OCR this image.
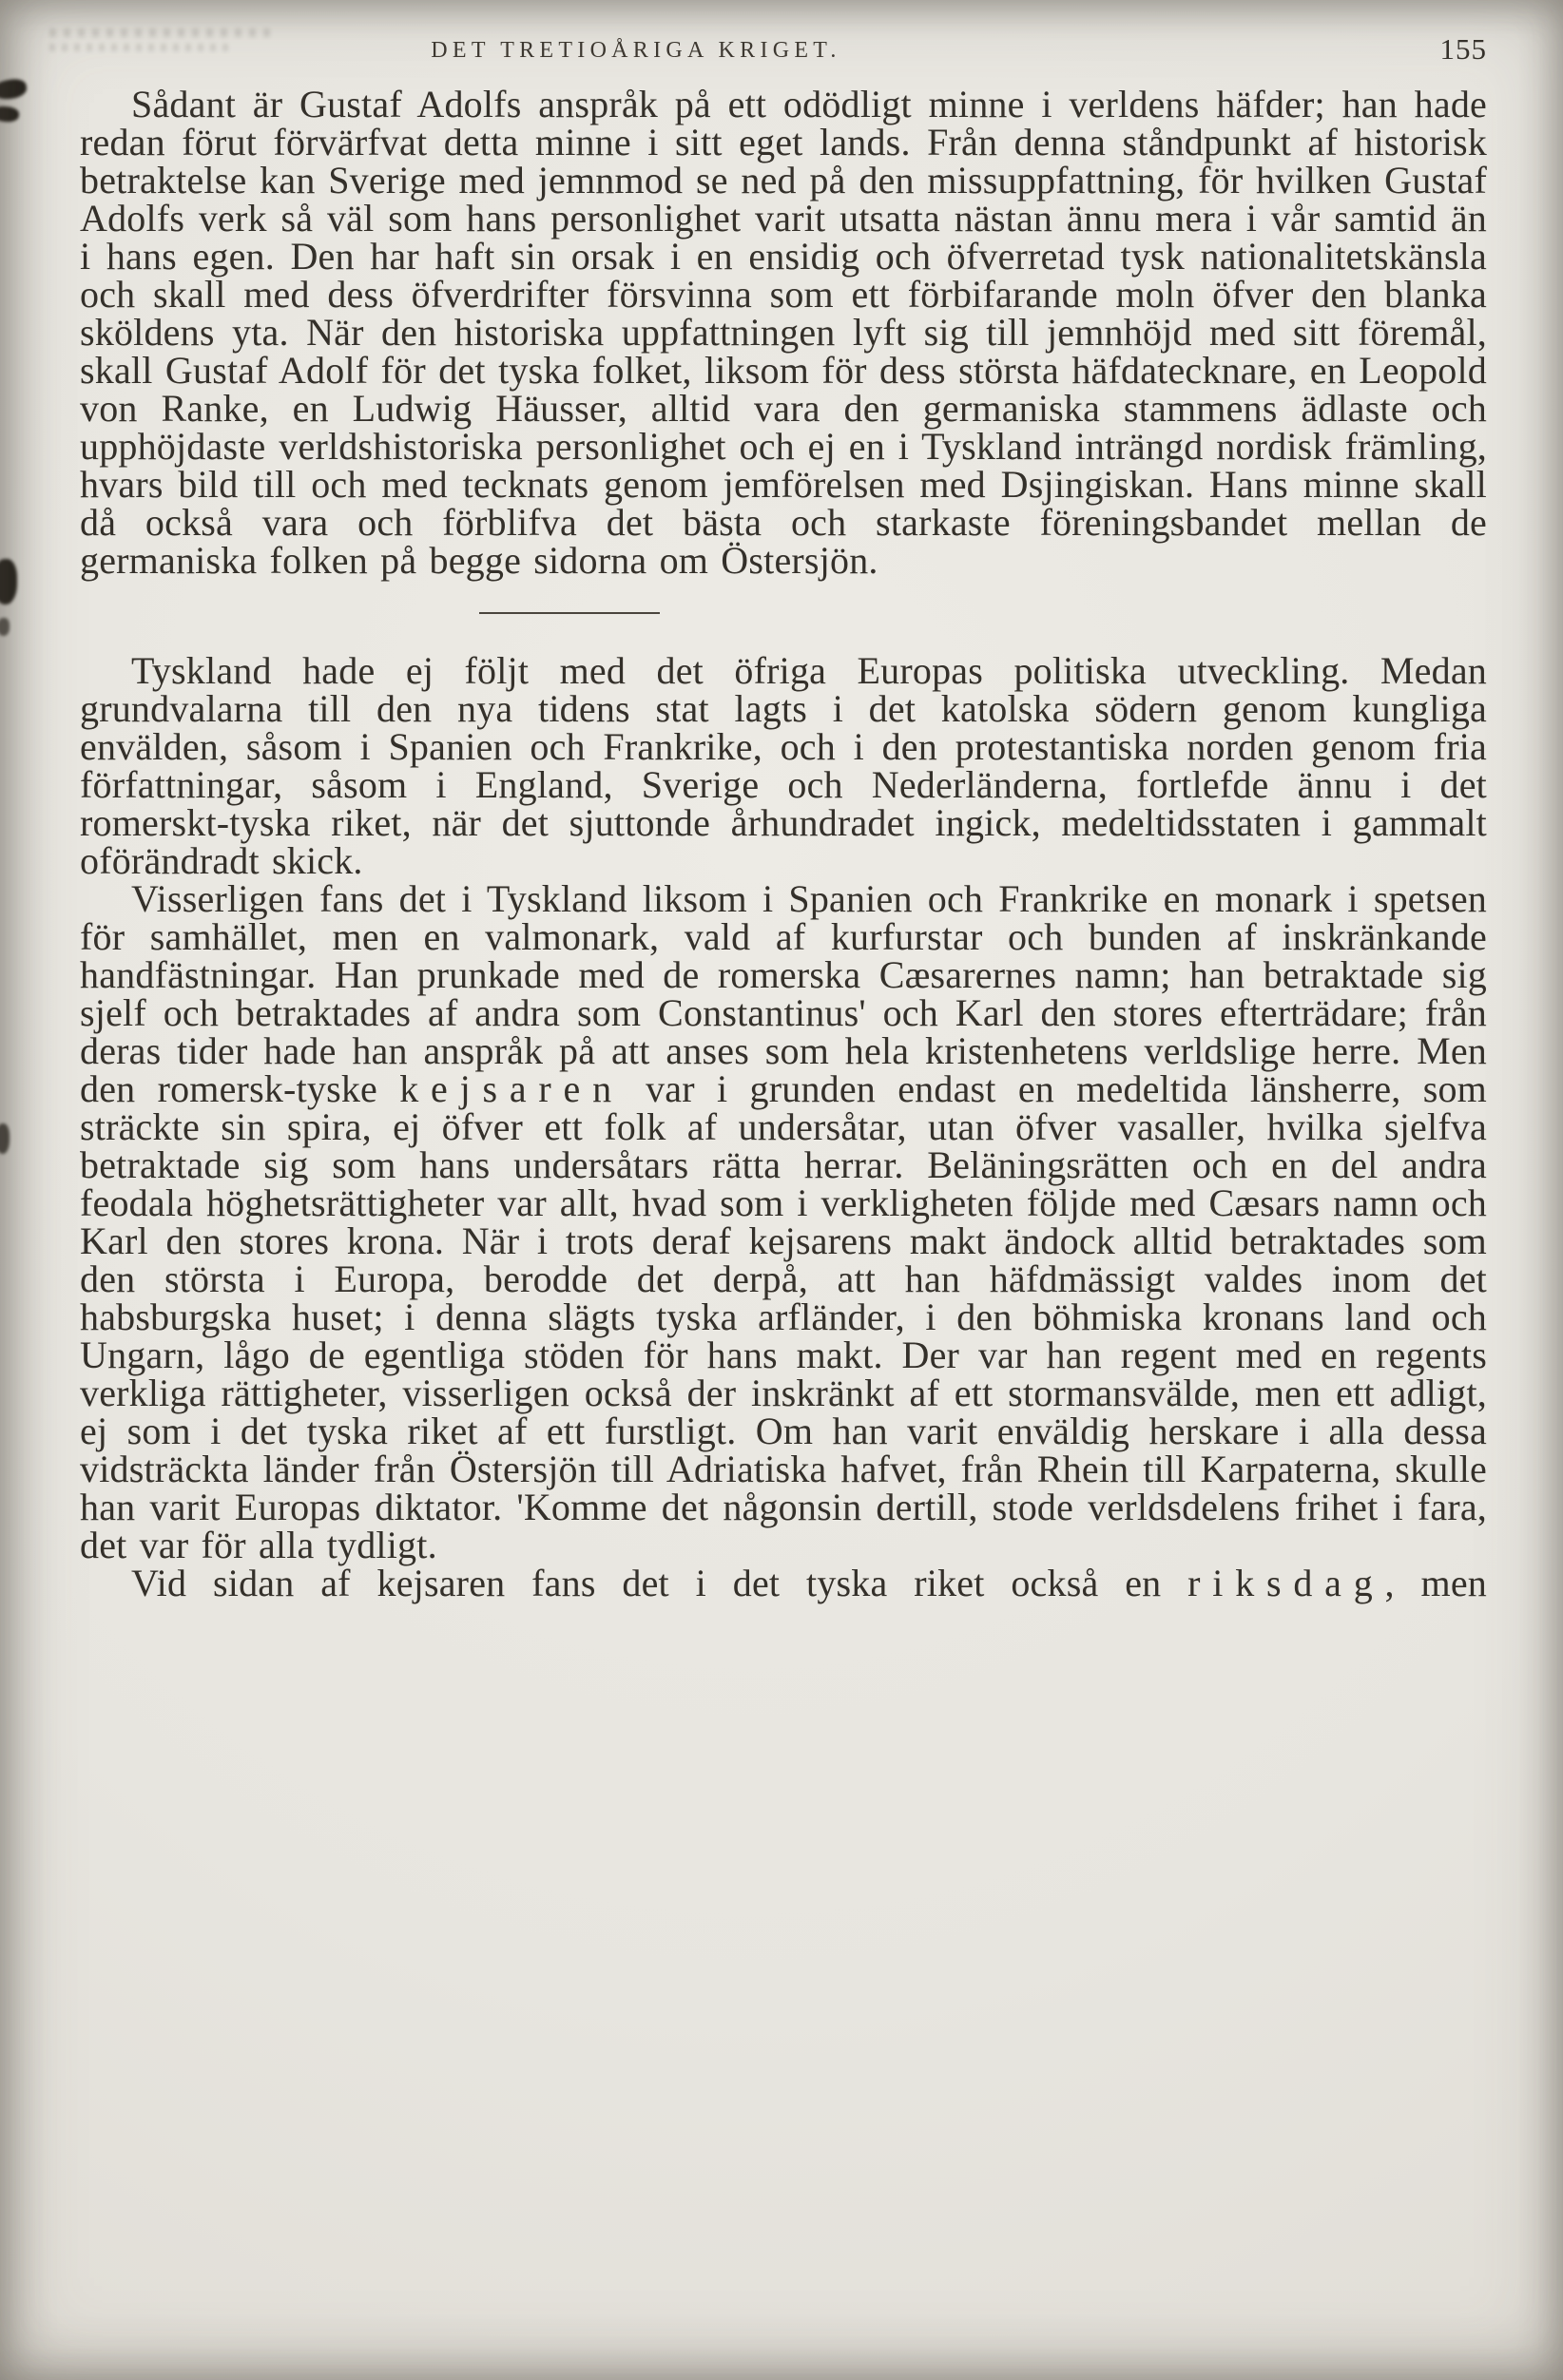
DET TRETIOÅRIGA KRIGET.	155

Sådant är Gustaf Adolfs anspråk på ett odödligt minne i verldens häfder; han hade redan förut förvärfvat detta minne i sitt eget lands. Från denna ståndpunkt af historisk betraktelse kan Sverige med jemnmod se ned på den missuppfattning, för hvilken Gustaf Adolfs verk så väl som hans personlighet varit utsatta nästan ännu mera i vår samtid än i hans egen. Den har haft sin orsak i en ensidig och öfverretad tysk nationalitetskänsla och skall med dess öfverdrifter försvinna som ett förbifarande moln öfver den blanka sköldens yta. När den historiska uppfattningen lyft sig till jemnhöjd med sitt föremål, skall Gustaf Adolf för det tyska folket, liksom för dess största häfdatecknare, en Leopold von Ranke, en Ludwig Häusser, alltid vara den germaniska stammens ädlaste och upphöjdaste verldshistoriska personlighet och ej en i Tyskland inträngd nordisk främling, hvars bild till och med tecknats genom jemförelsen med Dsjingiskan. Hans minne skall då också vara och förblifva det bästa och starkaste föreningsbandet mellan de germaniska folken på begge sidorna om Östersjön.

Tyskland hade ej följt med det öfriga Europas politiska utveckling. Medan grundvalarna till den nya tidens stat lagts i det katolska södern genom kungliga envälden, såsom i Spanien och Frankrike, och i den protestantiska norden genom fria författningar, såsom i England, Sverige och Nederländerna, fortlefde ännu i det romerskt-tyska riket, när det sjuttonde århundradet ingick, medeltidsstaten i gammalt oförändradt skick.

Visserligen fans det i Tyskland liksom i Spanien och Frankrike en monark i spetsen för samhället, men en valmonark, vald af kurfurstar och bunden af inskränkande handfästningar. Han prunkade med de romerska Cæsarernes namn; han betraktade sig sjelf och betraktades af andra som Constantinus' och Karl den stores efterträdare; från deras tider hade han anspråk på att anses som hela kristenhetens verldslige herre. Men den romersk-tyske kejsaren var i grunden endast en medeltida länsherre, som sträckte sin spira, ej öfver ett folk af undersåtar, utan öfver vasaller, hvilka sjelfva betraktade sig som hans undersåtars rätta herrar. Beläningsrätten och en del andra feodala höghetsrättigheter var allt, hvad som i verkligheten följde med Cæsars namn och Karl den stores krona. När i trots deraf kejsarens makt ändock alltid betraktades som den största i Europa, berodde det derpå, att han häfdmässigt valdes inom det habsburgska huset; i denna slägts tyska arfländer, i den böhmiska kronans land och Ungarn, lågo de egentliga stöden för hans makt. Der var han regent med en regents verkliga rättigheter, visserligen också der inskränkt af ett stormansvälde, men ett adligt, ej som i det tyska riket af ett furstligt. Om han varit enväldig herskare i alla dessa vidsträckta länder från Östersjön till Adriatiska hafvet, från Rhein till Karpaterna, skulle han varit Europas diktator. 'Komme det någonsin dertill, stode verldsdelens frihet i fara, det var för alla tydligt.

Vid sidan af kejsaren fans det i det tyska riket också en riksdag, men
